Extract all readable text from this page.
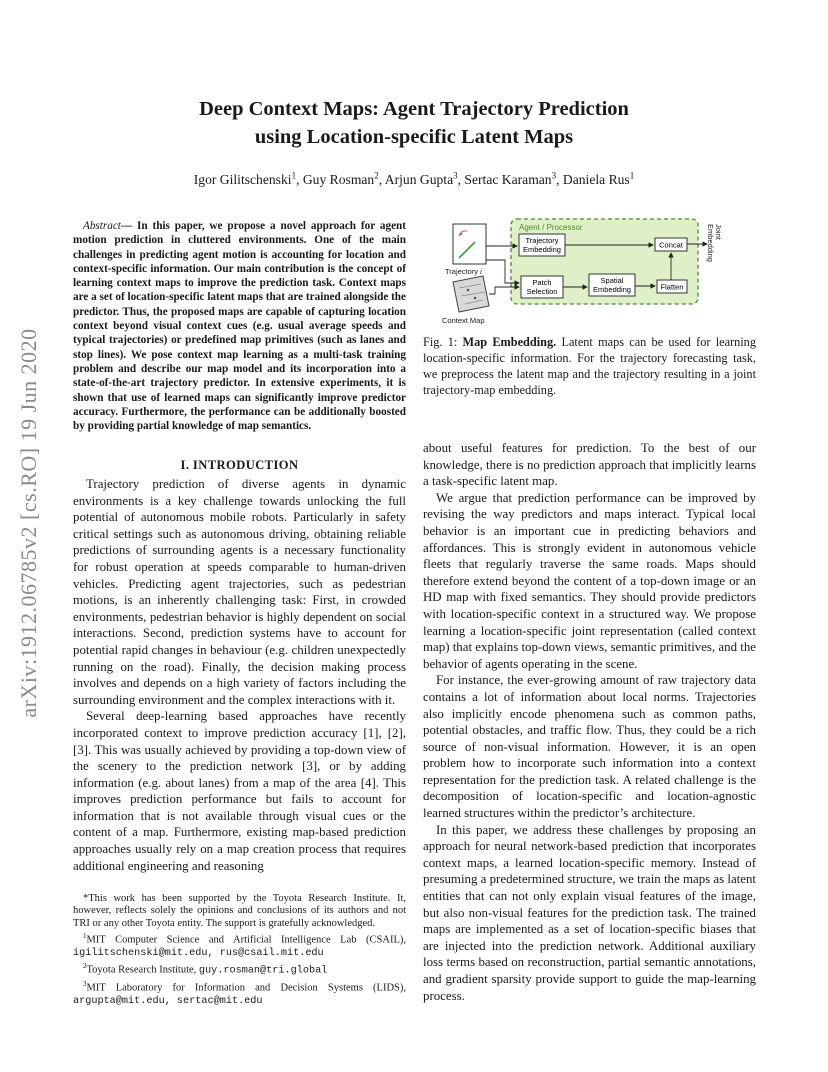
arXiv:1912.06785v2 [cs.RO] 19 Jun 2020
Deep Context Maps: Agent Trajectory Prediction
using Location-specific Latent Maps
Igor Gilitschenski$^1$, Guy Rosman$^2$, Arjun Gupta$^3$, Sertac Karaman$^3$, Daniela Rus$^1$

Abstract— In this paper, we propose a novel approach for agent motion prediction in cluttered environments. One of the main challenges in predicting agent motion is accounting for location and context-specific information. Our main contribution is the concept of learning context maps to improve the prediction task. Context maps are a set of location-specific latent maps that are trained alongside the predictor. Thus, the proposed maps are capable of capturing location context beyond visual context cues (e.g. usual average speeds and typical trajectories) or predefined map primitives (such as lanes and stop lines). We pose context map learning as a multi-task training problem and describe our map model and its incorporation into a state-of-the-art trajectory predictor. In extensive experiments, it is shown that use of learned maps can significantly improve predictor accuracy. Furthermore, the performance can be additionally boosted by providing partial knowledge of map semantics.

I. INTRODUCTION

Trajectory prediction of diverse agents in dynamic environments is a key challenge towards unlocking the full potential of autonomous mobile robots. Particularly in safety critical settings such as autonomous driving, obtaining reliable predictions of surrounding agents is a necessary functionality for robust operation at speeds comparable to human-driven vehicles. Predicting agent trajectories, such as pedestrian motions, is an inherently challenging task: First, in crowded environments, pedestrian behavior is highly dependent on social interactions. Second, prediction systems have to account for potential rapid changes in behaviour (e.g. children unexpectedly running on the road). Finally, the decision making process involves and depends on a high variety of factors including the surrounding environment and the complex interactions with it.

Several deep-learning based approaches have recently incorporated context to improve prediction accuracy [1], [2], [3]. This was usually achieved by providing a top-down view of the scenery to the prediction network [3], or by adding information (e.g. about lanes) from a map of the area [4]. This improves prediction performance but fails to account for information that is not available through visual cues or the content of a map. Furthermore, existing map-based prediction approaches usually rely on a map creation process that requires additional engineering and reasoning

*This work has been supported by the Toyota Research Institute. It, however, reflects solely the opinions and conclusions of its authors and not TRI or any other Toyota entity. The support is gratefully acknowledged.

$^1$MIT Computer Science and Artificial Intelligence Lab (CSAIL), igilitschenski@mit.edu, rus@csail.mit.edu

$^2$Toyota Research Institute, guy.rosman@tri.global

$^3$MIT Laboratory for Information and Decision Systems (LIDS), argupta@mit.edu, sertac@mit.edu

Agent / Processor
Trajectory i
Context Map
Trajectory
Embedding
Patch
Selection
Spatial
Embedding
Concat
Flatten
Joint Embedding

Fig. 1: Map Embedding. Latent maps can be used for learning location-specific information. For the trajectory forecasting task, we preprocess the latent map and the trajectory resulting in a joint trajectory-map embedding.

about useful features for prediction. To the best of our knowledge, there is no prediction approach that implicitly learns a task-specific latent map.

We argue that prediction performance can be improved by revising the way predictors and maps interact. Typical local behavior is an important cue in predicting behaviors and affordances. This is strongly evident in autonomous vehicle fleets that regularly traverse the same roads. Maps should therefore extend beyond the content of a top-down image or an HD map with fixed semantics. They should provide predictors with location-specific context in a structured way. We propose learning a location-specific joint representation (called context map) that explains top-down views, semantic primitives, and the behavior of agents operating in the scene.

For instance, the ever-growing amount of raw trajectory data contains a lot of information about local norms. Trajectories also implicitly encode phenomena such as common paths, potential obstacles, and traffic flow. Thus, they could be a rich source of non-visual information. However, it is an open problem how to incorporate such information into a context representation for the prediction task. A related challenge is the decomposition of location-specific and location-agnostic learned structures within the predictor’s architecture.

In this paper, we address these challenges by proposing an approach for neural network-based prediction that incorporates context maps, a learned location-specific memory. Instead of presuming a predetermined structure, we train the maps as latent entities that can not only explain visual features of the image, but also non-visual features for the prediction task. The trained maps are implemented as a set of location-specific biases that are injected into the prediction network. Additional auxiliary loss terms based on reconstruction, partial semantic annotations, and gradient sparsity provide support to guide the map-learning process.
